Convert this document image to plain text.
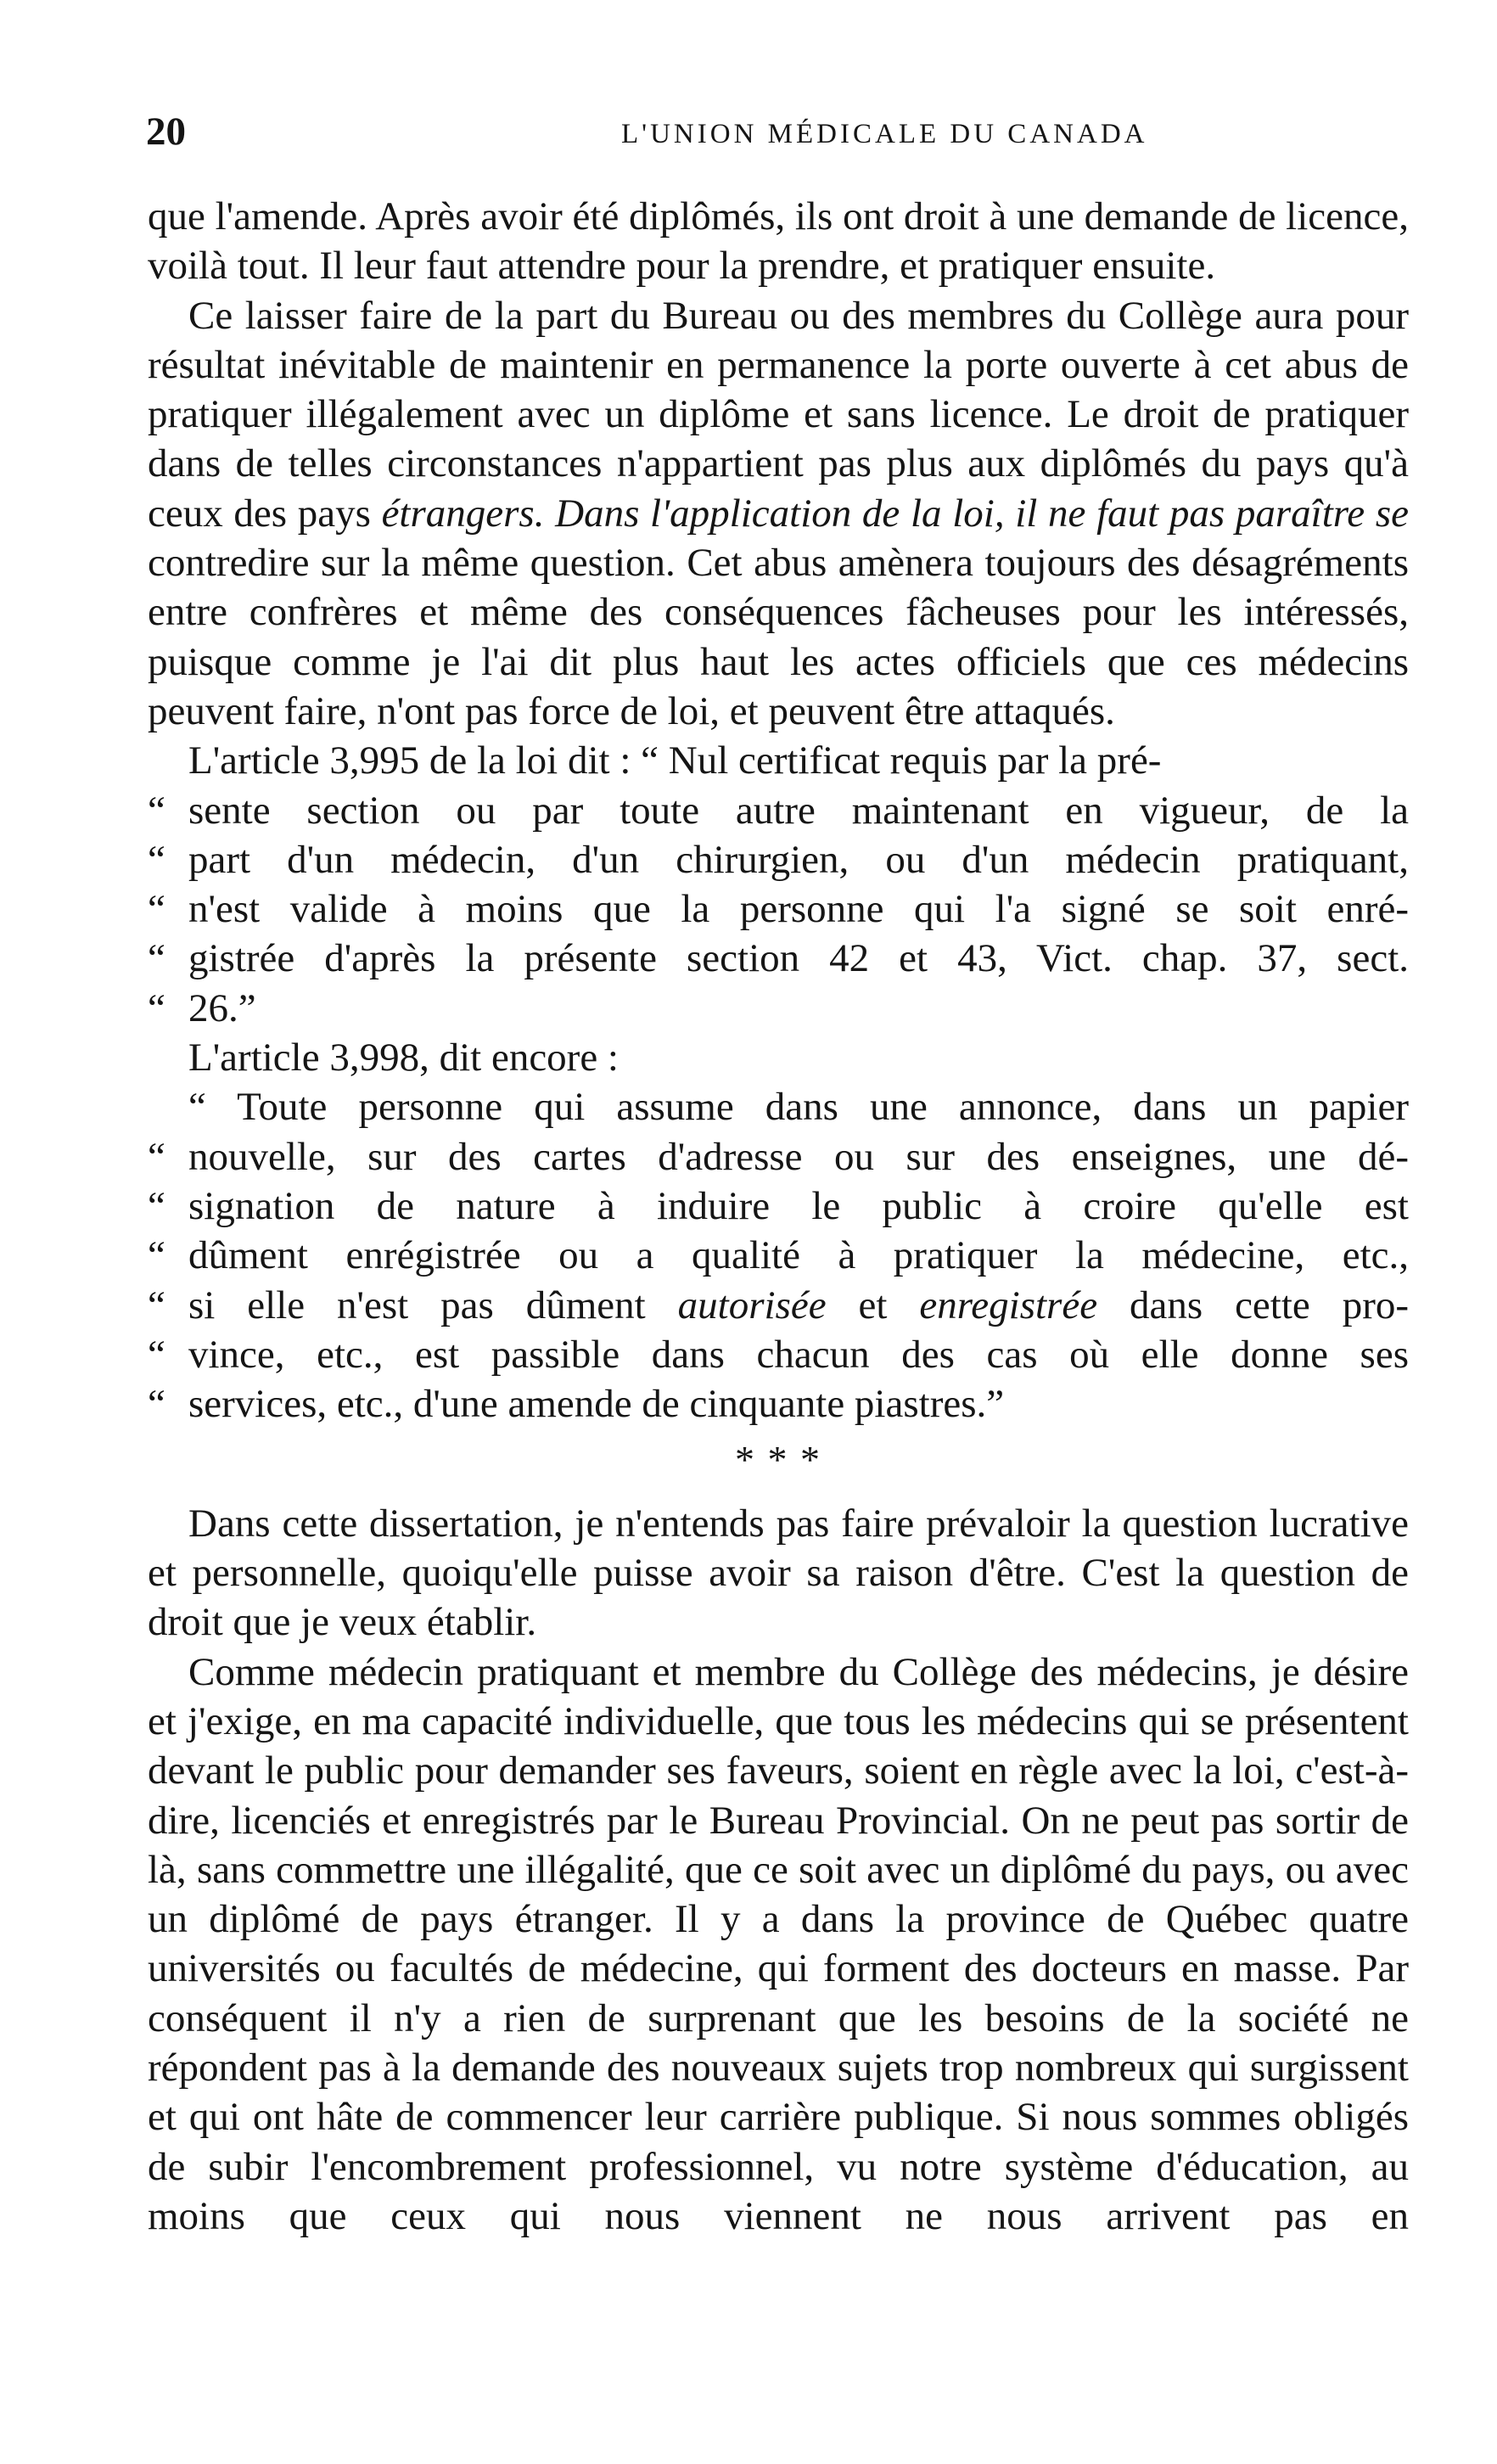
20	L'UNION MÉDICALE DU CANADA

que l'amende. Après avoir été diplômés, ils ont droit à une demande de licence, voilà tout. Il leur faut attendre pour la prendre, et pratiquer ensuite.

Ce laisser faire de la part du Bureau ou des membres du Collège aura pour résultat inévitable de maintenir en permanence la porte ouverte à cet abus de pratiquer illégalement avec un diplôme et sans licence. Le droit de pratiquer dans de telles circonstances n'appartient pas plus aux diplômés du pays qu'à ceux des pays étrangers. Dans l'application de la loi, il ne faut pas paraître se contredire sur la même question. Cet abus amènera toujours des désagréments entre confrères et même des conséquences fâcheuses pour les intéressés, puisque comme je l'ai dit plus haut les actes officiels que ces médecins peuvent faire, n'ont pas force de loi, et peuvent être attaqués.

L'article 3,995 de la loi dit : “ Nul certificat requis par la pré-

“ sente section ou par toute autre maintenant en vigueur, de la
“ part d'un médecin, d'un chirurgien, ou d'un médecin pratiquant,
“ n'est valide à moins que la personne qui l'a signé se soit enré-
“ gistrée d'après la présente section 42 et 43, Vict. chap. 37, sect.
“ 26.”

L'article 3,998, dit encore :

“ Toute personne qui assume dans une annonce, dans un papier

“ nouvelle, sur des cartes d'adresse ou sur des enseignes, une dé-
“ signation de nature à induire le public à croire qu'elle est
“ dûment enrégistrée ou a qualité à pratiquer la médecine, etc.,
“ si elle n'est pas dûment autorisée et enregistrée dans cette pro-
“ vince, etc., est passible dans chacun des cas où elle donne ses
“ services, etc., d'une amende de cinquante piastres.”
* * *

Dans cette dissertation, je n'entends pas faire prévaloir la question lucrative et personnelle, quoiqu'elle puisse avoir sa raison d'être. C'est la question de droit que je veux établir.

Comme médecin pratiquant et membre du Collège des médecins, je désire et j'exige, en ma capacité individuelle, que tous les médecins qui se présentent devant le public pour demander ses faveurs, soient en règle avec la loi, c'est-à-dire, licenciés et enregistrés par le Bureau Provincial. On ne peut pas sortir de là, sans commettre une illégalité, que ce soit avec un diplômé du pays, ou avec un diplômé de pays étranger. Il y a dans la province de Québec quatre universités ou facultés de médecine, qui forment des docteurs en masse. Par conséquent il n'y a rien de surprenant que les besoins de la société ne répondent pas à la demande des nouveaux sujets trop nombreux qui surgissent et qui ont hâte de commencer leur carrière publique. Si nous sommes obligés de subir l'encombrement professionnel, vu notre système d'éducation, au moins que ceux qui nous viennent ne nous arrivent pas en
